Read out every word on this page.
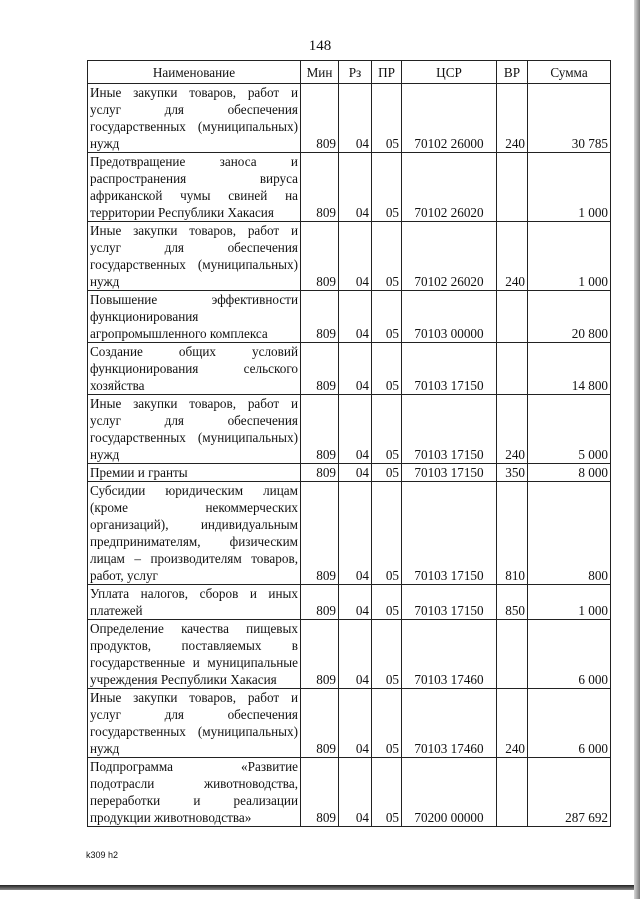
148
Наименование	Мин	Рз	ПР	ЦСР	ВР	Сумма
Иные закупки товаров, работ и услуг для обеспечения государственных (муниципальных) нужд	809	04	05	70102 26000	240	30 785
Предотвращение заноса и распространения вируса африканской чумы свиней на территории Республики Хакасия	809	04	05	70102 26020		1 000
Иные закупки товаров, работ и услуг для обеспечения государственных (муниципальных) нужд	809	04	05	70102 26020	240	1 000
Повышение эффективности функционирования агропромышленного комплекса	809	04	05	70103 00000		20 800
Создание общих условий функционирования сельского хозяйства	809	04	05	70103 17150		14 800
Иные закупки товаров, работ и услуг для обеспечения государственных (муниципальных) нужд	809	04	05	70103 17150	240	5 000
Премии и гранты	809	04	05	70103 17150	350	8 000
Субсидии юридическим лицам (кроме некоммерческих организаций), индивидуальным предпринимателям, физическим лицам – производителям товаров, работ, услуг	809	04	05	70103 17150	810	800
Уплата налогов, сборов и иных платежей	809	04	05	70103 17150	850	1 000
Определение качества пищевых продуктов, поставляемых в государственные и муниципальные учреждения Республики Хакасия	809	04	05	70103 17460		6 000
Иные закупки товаров, работ и услуг для обеспечения государственных (муниципальных) нужд	809	04	05	70103 17460	240	6 000
Подпрограмма «Развитие подотрасли животноводства, переработки и реализации продукции животноводства»	809	04	05	70200 00000		287 692
k309 h2
